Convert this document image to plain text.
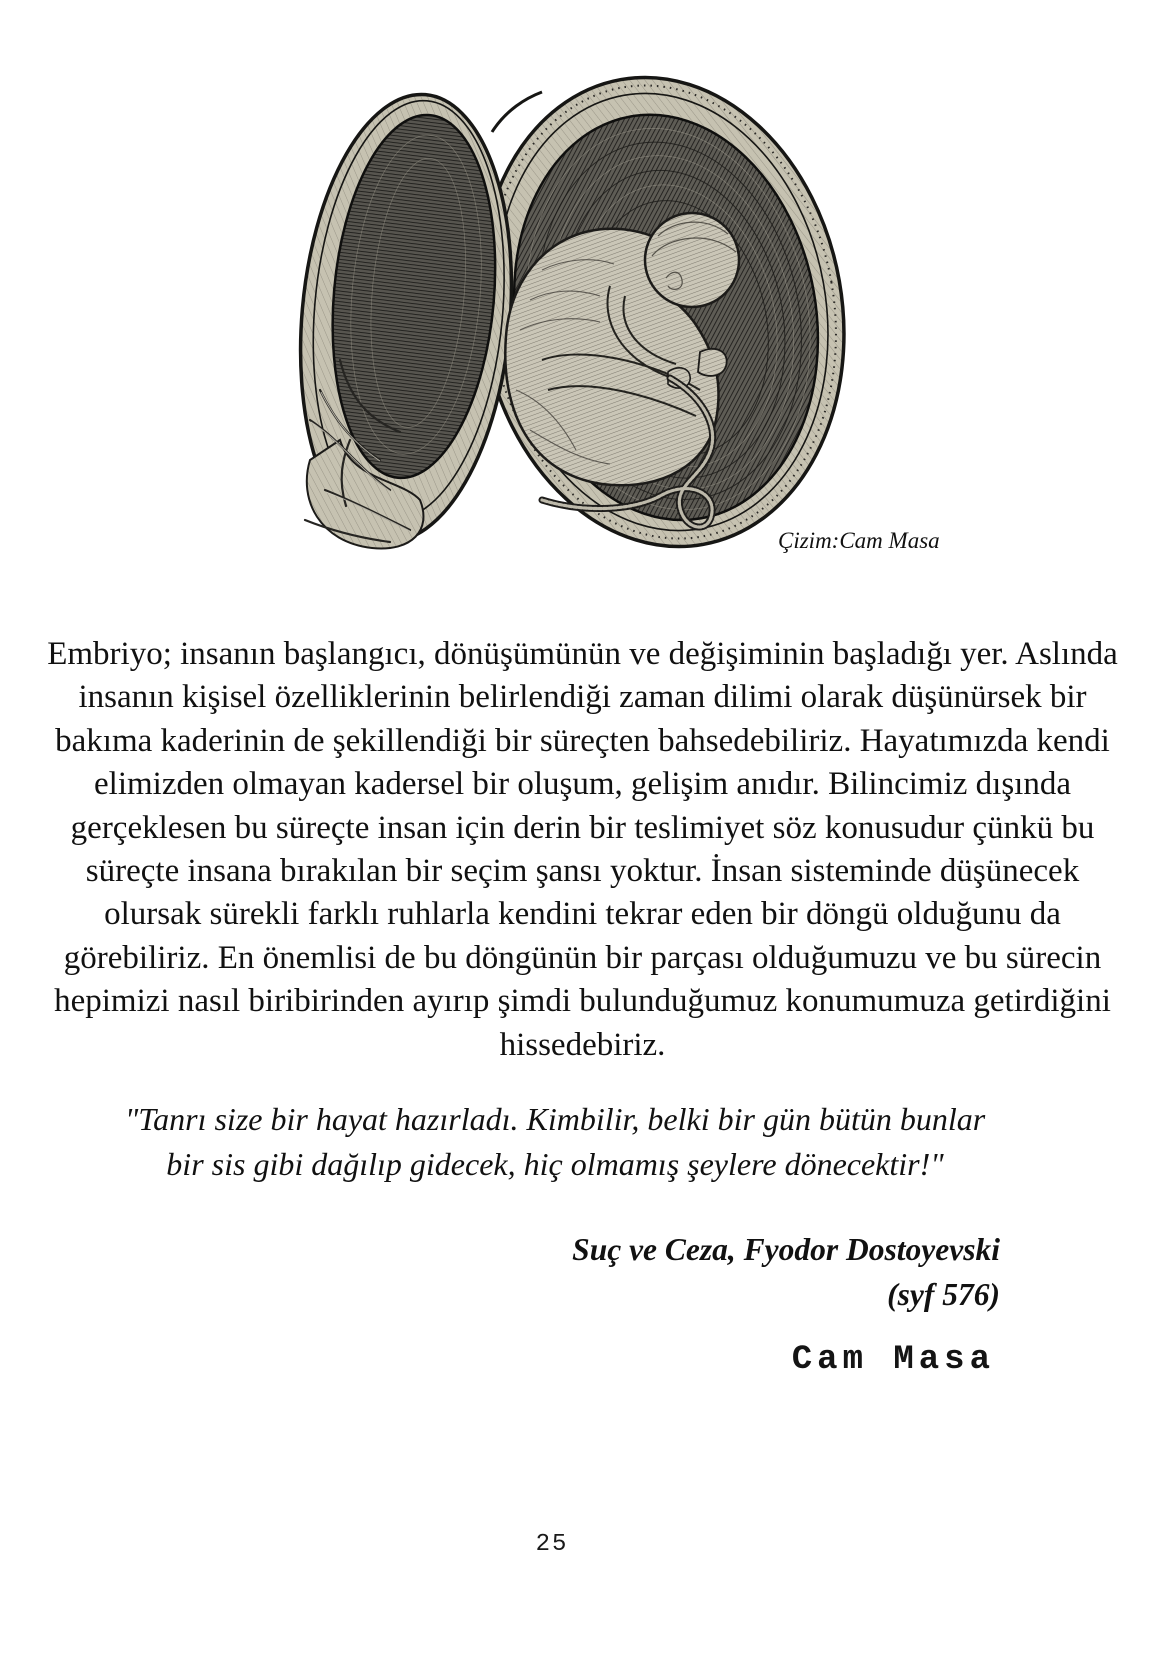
Çizim:Cam Masa
Embriyo; insanın başlangıcı, dönüşümünün ve değişiminin başladığı yer. Aslında
insanın kişisel özelliklerinin belirlendiği zaman dilimi olarak düşünürsek bir
bakıma kaderinin de şekillendiği bir süreçten bahsedebiliriz. Hayatımızda kendi
elimizden olmayan kadersel bir oluşum, gelişim anıdır. Bilincimiz dışında
gerçeklesen bu süreçte insan için derin bir teslimiyet söz konusudur çünkü bu
süreçte insana bırakılan bir seçim şansı yoktur. İnsan sisteminde düşünecek
olursak sürekli farklı ruhlarla kendini tekrar eden bir döngü olduğunu da
görebiliriz. En önemlisi de bu döngünün bir parçası olduğumuzu ve bu sürecin
hepimizi nasıl biribirinden ayırıp şimdi bulunduğumuz konumumuza getirdiğini
hissedebiriz.
"Tanrı size bir hayat hazırladı. Kimbilir, belki bir gün bütün bunlar
bir sis gibi dağılıp gidecek, hiç olmamış şeylere dönecektir!"
Suç ve Ceza, Fyodor Dostoyevski
(syf 576)
Cam Masa
25
